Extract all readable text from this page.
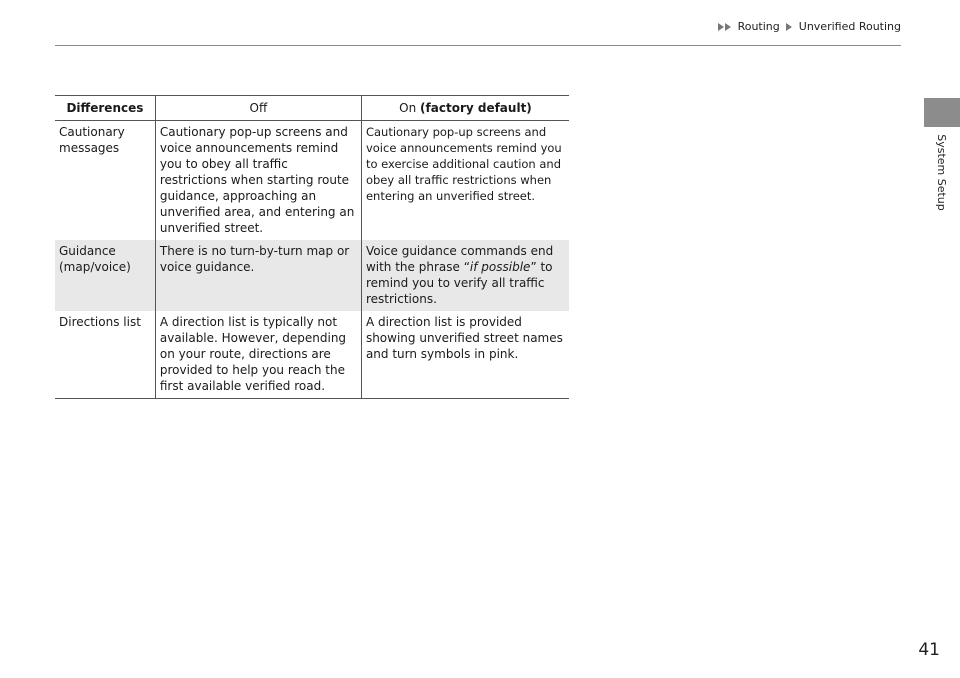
Routing Unverified Routing
System Setup
Differences	Off	On (factory default)
Cautionary messages	Cautionary pop-up screens and voice announcements remind you to obey all traffic restrictions when starting route guidance, approaching an unverified area, and entering an unverified street.	Cautionary pop-up screens and voice announcements remind you to exercise additional caution and obey all traffic restrictions when entering an unverified street.
Guidance (map/voice)	There is no turn-by-turn map or voice guidance.	Voice guidance commands end with the phrase “if possible” to remind you to verify all traffic restrictions.
Directions list	A direction list is typically not available. However, depending on your route, directions are provided to help you reach the first available verified road.	A direction list is provided showing unverified street names and turn symbols in pink.
41
